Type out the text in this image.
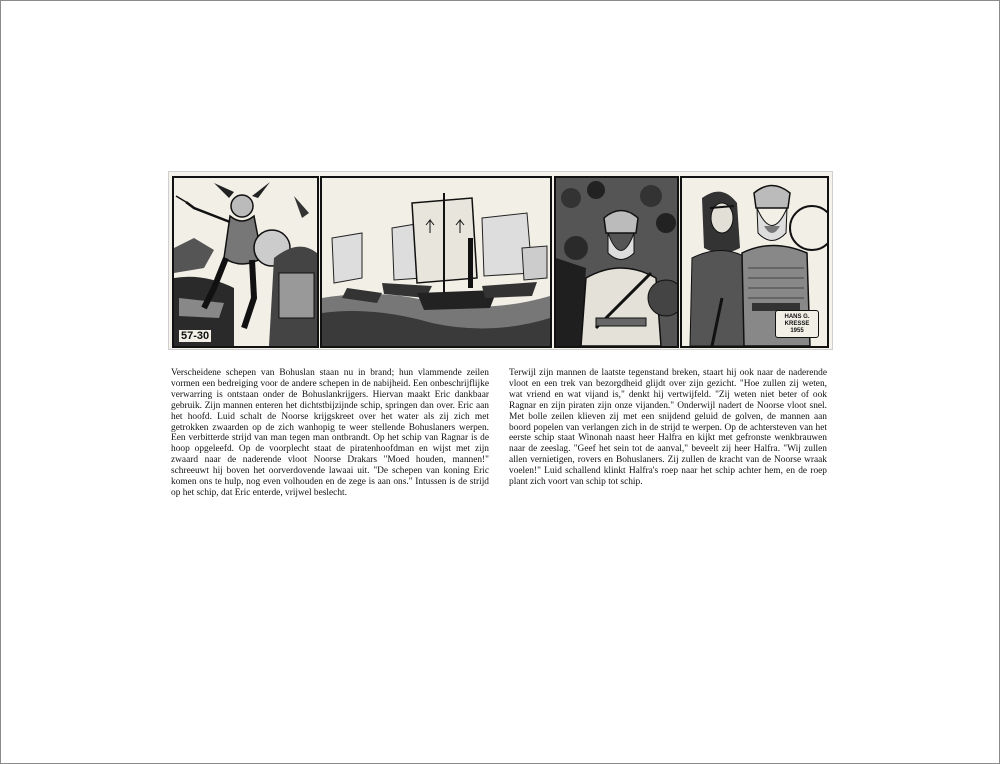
57-30
HANS G.
KRESSE
1955

Verscheidene schepen van Bohuslan staan nu in brand; hun vlammende zeilen vormen een bedreiging voor de andere schepen in de nabijheid. Een onbeschrijflijke verwarring is ontstaan onder de Bohuslankrijgers. Hiervan maakt Eric dankbaar gebruik. Zijn mannen enteren het dichtstbijzijnde schip, springen dan over. Eric aan het hoofd. Luid schalt de Noorse krijgskreet over het water als zij zich met getrokken zwaarden op de zich wanhopig te weer stellende Bohuslaners werpen. Een verbitterde strijd van man tegen man ontbrandt. Op het schip van Ragnar is de hoop opgeleefd. Op de voorplecht staat de piratenhoofdman en wijst met zijn zwaard naar de naderende vloot Noorse Drakars "Moed houden, mannen!" schreeuwt hij boven het oorverdovende lawaai uit. "De schepen van koning Eric komen ons te hulp, nog even volhouden en de zege is aan ons." Intussen is de strijd op het schip, dat Eric enterde, vrijwel beslecht.

Terwijl zijn mannen de laatste tegenstand breken, staart hij ook naar de naderende vloot en een trek van bezorgdheid glijdt over zijn gezicht. "Hoe zullen zij weten, wat vriend en wat vijand is," denkt hij vertwijfeld. "Zij weten niet beter of ook Ragnar en zijn piraten zijn onze vijanden." Onderwijl nadert de Noorse vloot snel. Met bolle zeilen klieven zij met een snijdend geluid de golven, de mannen aan boord popelen van verlangen zich in de strijd te werpen. Op de achtersteven van het eerste schip staat Winonah naast heer Halfra en kijkt met gefronste wenkbrauwen naar de zeeslag. "Geef het sein tot de aanval," beveelt zij heer Halfra. "Wij zullen allen vernietigen, rovers en Bohuslaners. Zij zullen de kracht van de Noorse wraak voelen!" Luid schallend klinkt Halfra's roep naar het schip achter hem, en de roep plant zich voort van schip tot schip.
